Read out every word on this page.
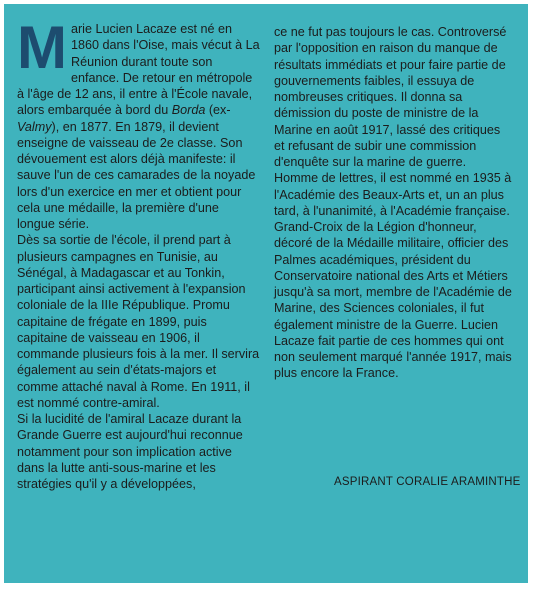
Marie Lucien Lacaze est né en 1860 dans l'Oise, mais vécut à La Réunion durant toute son enfance. De retour en métropole à l'âge de 12 ans, il entre à l'École navale, alors embarquée à bord du Borda (ex-Valmy), en 1877. En 1879, il devient enseigne de vaisseau de 2e classe. Son dévouement est alors déjà manifeste: il sauve l'un de ces camarades de la noyade lors d'un exercice en mer et obtient pour cela une médaille, la première d'une longue série.

Dès sa sortie de l'école, il prend part à plusieurs campagnes en Tunisie, au Sénégal, à Madagascar et au Tonkin, participant ainsi activement à l'expansion coloniale de la IIIe République. Promu capitaine de frégate en 1899, puis capitaine de vaisseau en 1906, il commande plusieurs fois à la mer. Il servira également au sein d'états-majors et comme attaché naval à Rome. En 1911, il est nommé contre-amiral.

Si la lucidité de l'amiral Lacaze durant la Grande Guerre est aujourd'hui reconnue notamment pour son implication active dans la lutte anti-sous-marine et les stratégies qu'il y a développées,

ce ne fut pas toujours le cas. Controversé par l'opposition en raison du manque de résultats immédiats et pour faire partie de gouvernements faibles, il essuya de nombreuses critiques. Il donna sa démission du poste de ministre de la Marine en août 1917, lassé des critiques et refusant de subir une commission d'enquête sur la marine de guerre.

Homme de lettres, il est nommé en 1935 à l'Académie des Beaux-Arts et, un an plus tard, à l'unanimité, à l'Académie française. Grand-Croix de la Légion d'honneur, décoré de la Médaille militaire, officier des Palmes académiques, président du Conservatoire national des Arts et Métiers jusqu'à sa mort, membre de l'Académie de Marine, des Sciences coloniales, il fut également ministre de la Guerre. Lucien Lacaze fait partie de ces hommes qui ont non seulement marqué l'année 1917, mais plus encore la France.

ASPIRANT CORALIE ARAMINTHE
